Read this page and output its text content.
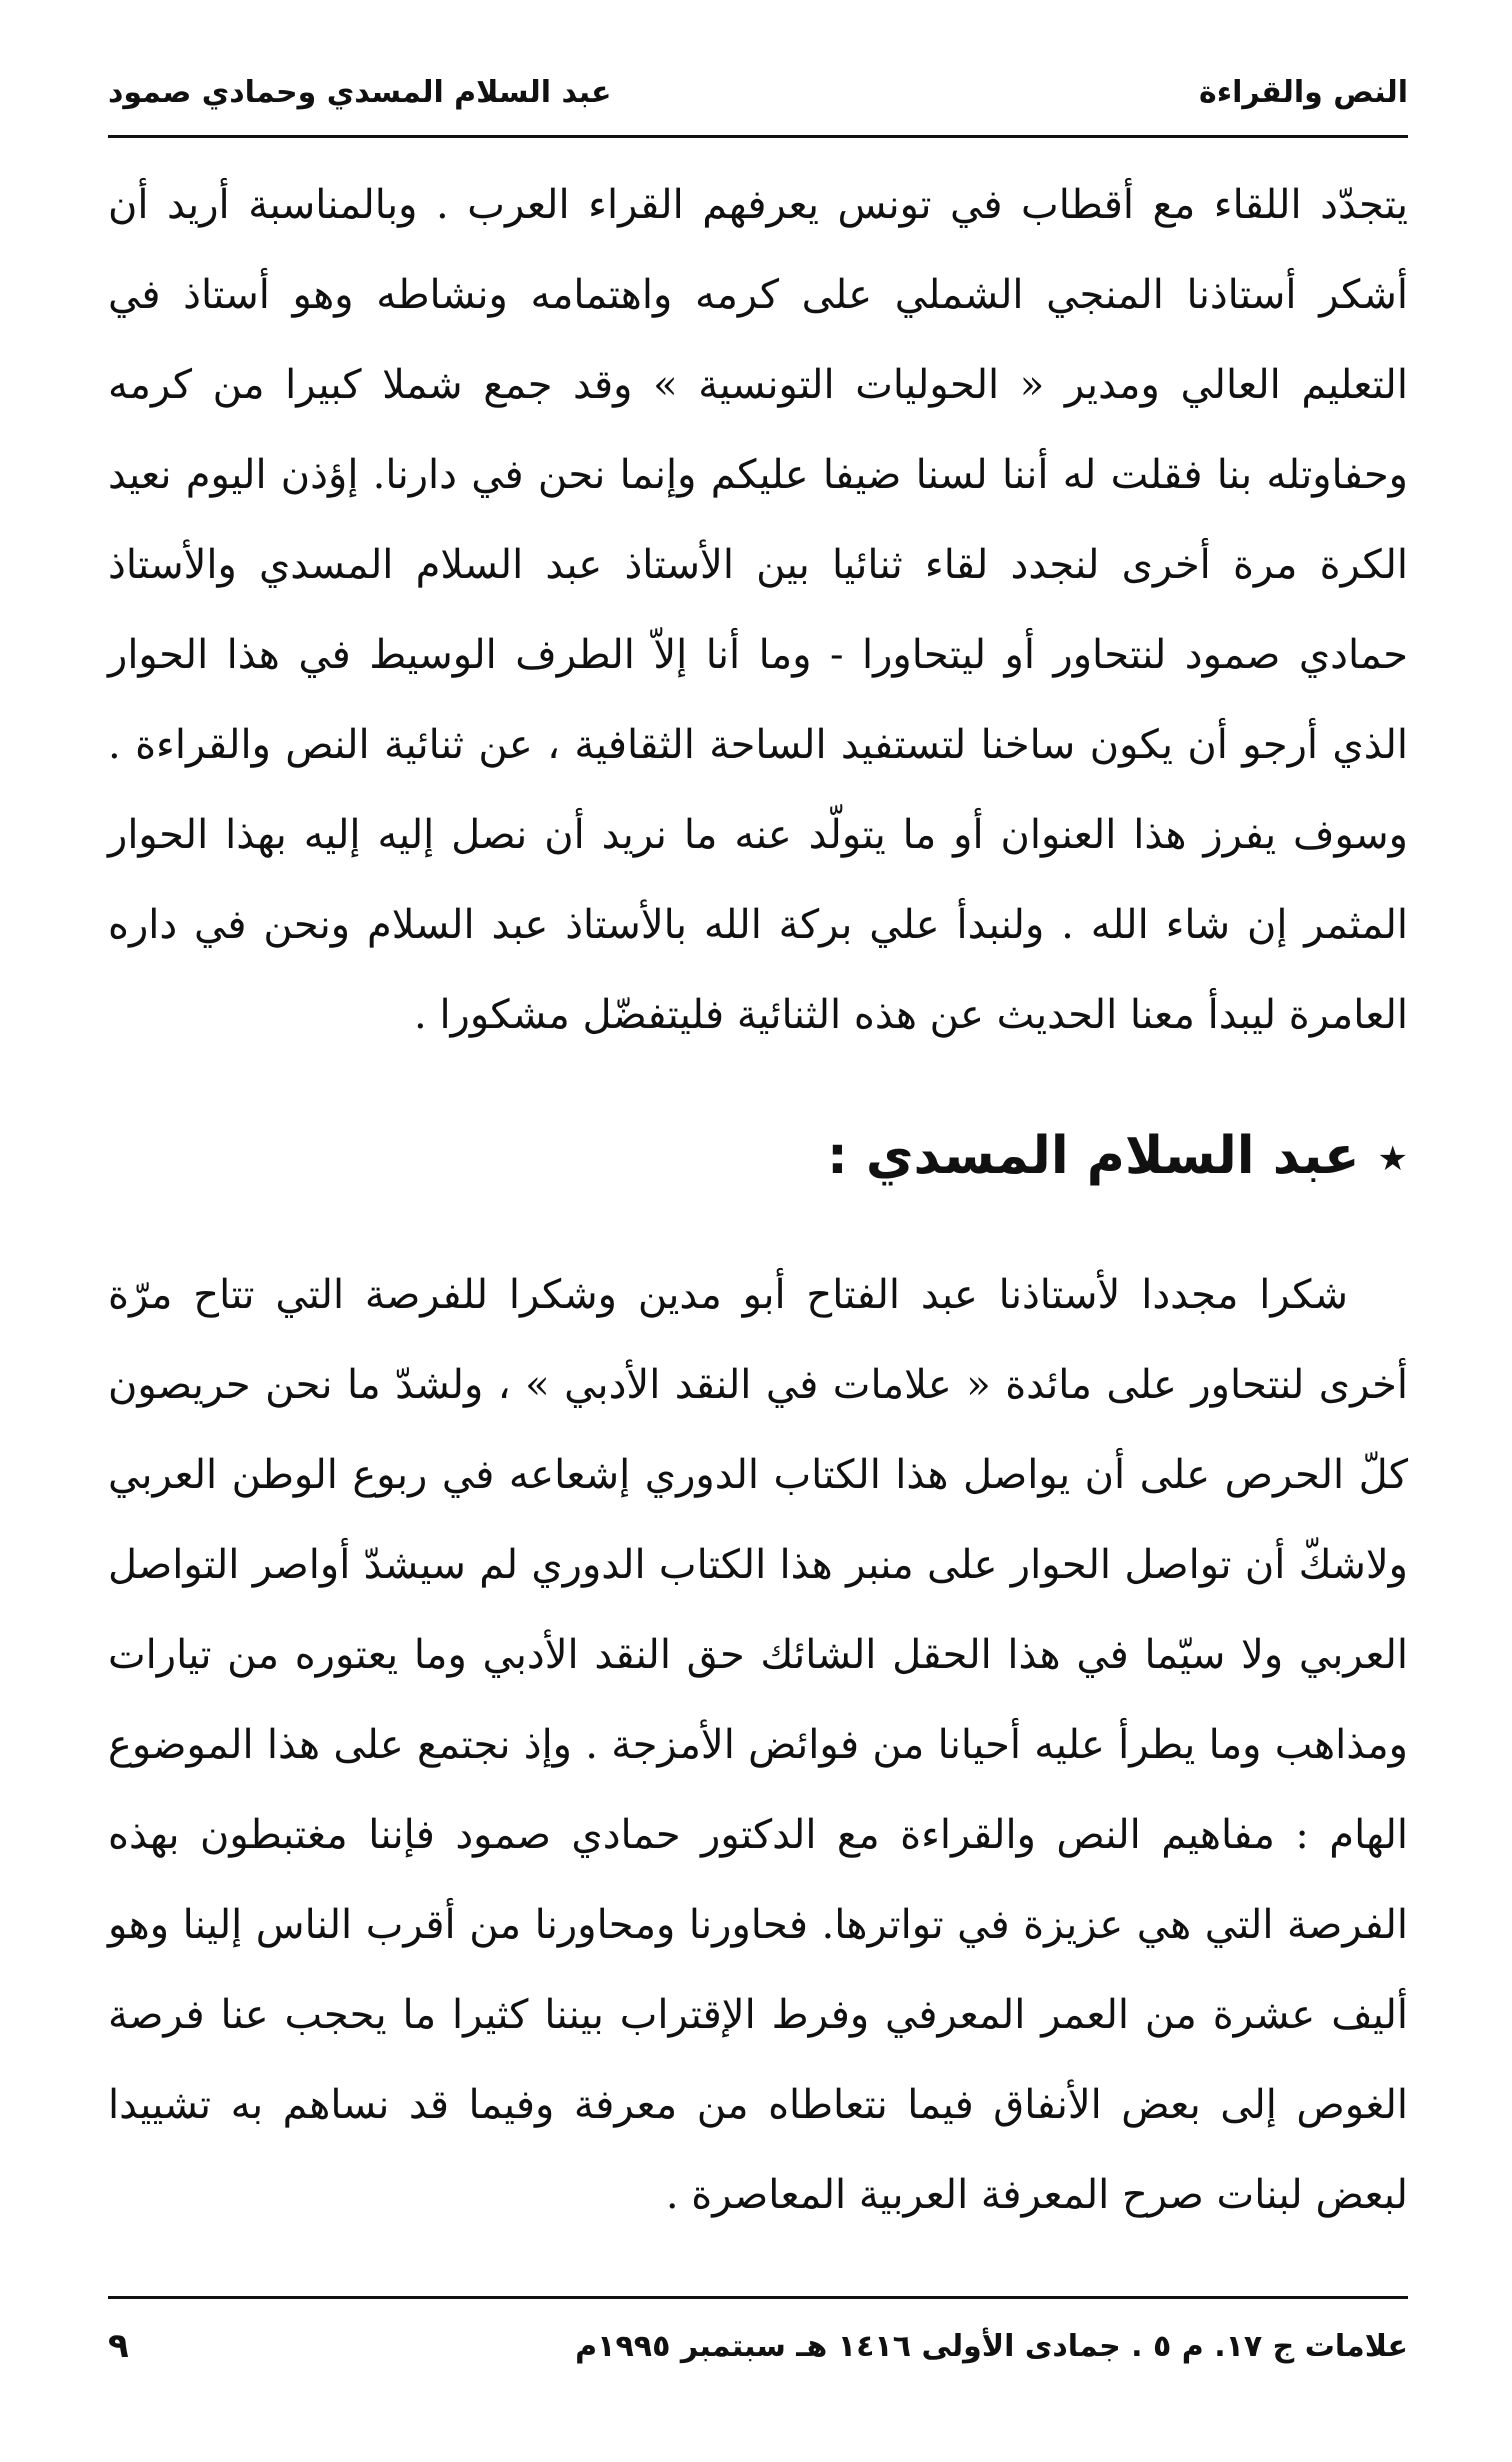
النص والقراءة
عبد السلام المسدي وحمادي صمود

يتجدّد اللقاء مع أقطاب في تونس يعرفهم القراء العرب . وبالمناسبة أريد أن أشكر أستاذنا المنجي الشملي على كرمه واهتمامه ونشاطه وهو أستاذ في التعليم العالي ومدير « الحوليات التونسية » وقد جمع شملا كبيرا من كرمه وحفاوتله بنا فقلت له أننا لسنا ضيفا عليكم وإنما نحن في دارنا. إؤذن اليوم نعيد الكرة مرة أخرى لنجدد لقاء ثنائيا بين الأستاذ عبد السلام المسدي والأستاذ حمادي صمود لنتحاور أو ليتحاورا - وما أنا إلاّ الطرف الوسيط في هذا الحوار الذي أرجو أن يكون ساخنا لتستفيد الساحة الثقافية ، عن ثنائية النص والقراءة . وسوف يفرز هذا العنوان أو ما يتولّد عنه ما نريد أن نصل إليه إليه بهذا الحوار المثمر إن شاء الله . ولنبدأ علي بركة الله بالأستاذ عبد السلام ونحن في داره العامرة ليبدأ معنا الحديث عن هذه الثنائية فليتفضّل مشكورا .

★عبد السلام المسدي :

شكرا مجددا لأستاذنا عبد الفتاح أبو مدين وشكرا للفرصة التي تتاح مرّة أخرى لنتحاور على مائدة « علامات في النقد الأدبي » ، ولشدّ ما نحن حريصون كلّ الحرص على أن يواصل هذا الكتاب الدوري إشعاعه في ربوع الوطن العربي ولاشكّ أن تواصل الحوار على منبر هذا الكتاب الدوري لم سيشدّ أواصر التواصل العربي ولا سيّما في هذا الحقل الشائك حق النقد الأدبي وما يعتوره من تيارات ومذاهب وما يطرأ عليه أحيانا من فوائض الأمزجة . وإذ نجتمع على هذا الموضوع الهام : مفاهيم النص والقراءة مع الدكتور حمادي صمود فإننا مغتبطون بهذه الفرصة التي هي عزيزة في تواترها. فحاورنا ومحاورنا من أقرب الناس إلينا وهو أليف عشرة من العمر المعرفي وفرط الإقتراب بيننا كثيرا ما يحجب عنا فرصة الغوص إلى بعض الأنفاق فيما نتعاطاه من معرفة وفيما قد نساهم به تشييدا لبعض لبنات صرح المعرفة العربية المعاصرة .

علامات ج ١٧. م ٥ . جمادى الأولى ١٤١٦ هـ سبتمبر ١٩٩٥م
٩
